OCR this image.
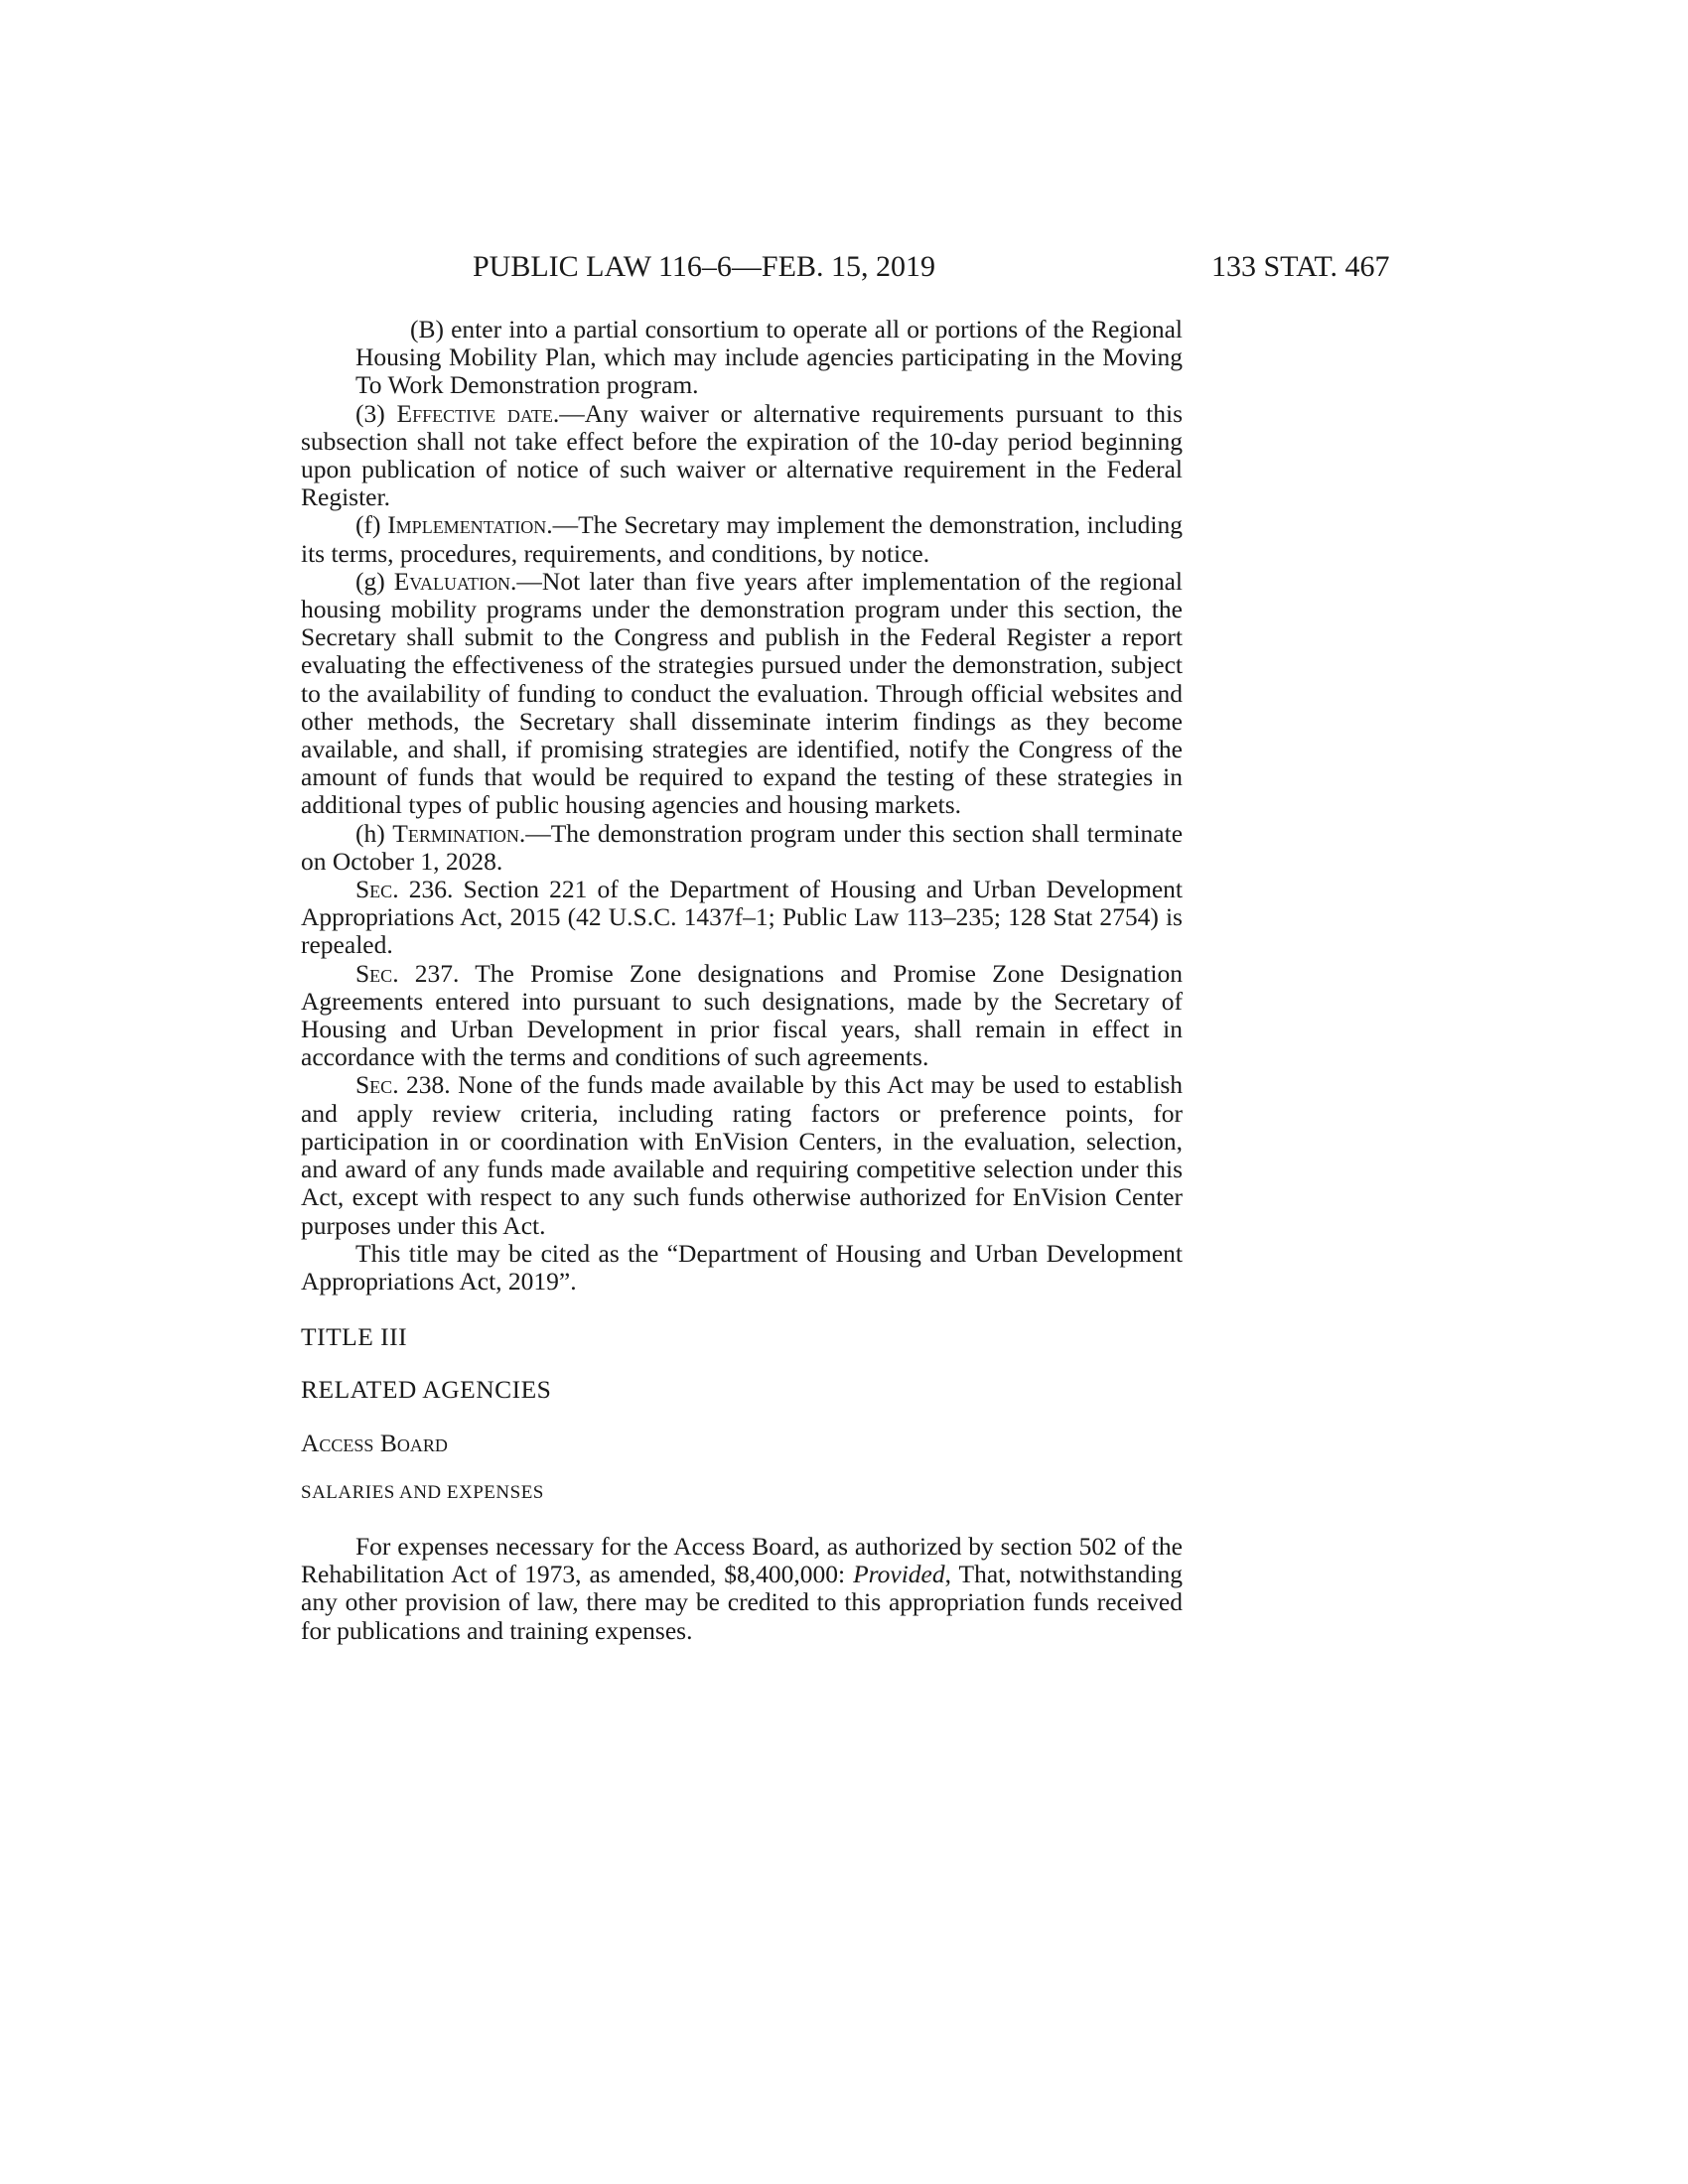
PUBLIC LAW 116–6—FEB. 15, 2019	133 STAT. 467

(B) enter into a partial consortium to operate all or portions of the Regional Housing Mobility Plan, which may include agencies participating in the Moving To Work Demonstration program.

(3) Effective date.—Any waiver or alternative requirements pursuant to this subsection shall not take effect before the expiration of the 10-day period beginning upon publication of notice of such waiver or alternative requirement in the Federal Register.

(f) Implementation.—The Secretary may implement the demonstration, including its terms, procedures, requirements, and conditions, by notice.

(g) Evaluation.—Not later than five years after implementation of the regional housing mobility programs under the demonstration program under this section, the Secretary shall submit to the Congress and publish in the Federal Register a report evaluating the effectiveness of the strategies pursued under the demonstration, subject to the availability of funding to conduct the evaluation. Through official websites and other methods, the Secretary shall disseminate interim findings as they become available, and shall, if promising strategies are identified, notify the Congress of the amount of funds that would be required to expand the testing of these strategies in additional types of public housing agencies and housing markets.

(h) Termination.—The demonstration program under this section shall terminate on October 1, 2028.

Sec. 236. Section 221 of the Department of Housing and Urban Development Appropriations Act, 2015 (42 U.S.C. 1437f–1; Public Law 113–235; 128 Stat 2754) is repealed.

Sec. 237. The Promise Zone designations and Promise Zone Designation Agreements entered into pursuant to such designations, made by the Secretary of Housing and Urban Development in prior fiscal years, shall remain in effect in accordance with the terms and conditions of such agreements.

Sec. 238. None of the funds made available by this Act may be used to establish and apply review criteria, including rating factors or preference points, for participation in or coordination with EnVision Centers, in the evaluation, selection, and award of any funds made available and requiring competitive selection under this Act, except with respect to any such funds otherwise authorized for EnVision Center purposes under this Act.

This title may be cited as the “Department of Housing and Urban Development Appropriations Act, 2019”.

TITLE III

RELATED AGENCIES

Access Board

SALARIES AND EXPENSES

For expenses necessary for the Access Board, as authorized by section 502 of the Rehabilitation Act of 1973, as amended, $8,400,000: Provided, That, notwithstanding any other provision of law, there may be credited to this appropriation funds received for publications and training expenses.
